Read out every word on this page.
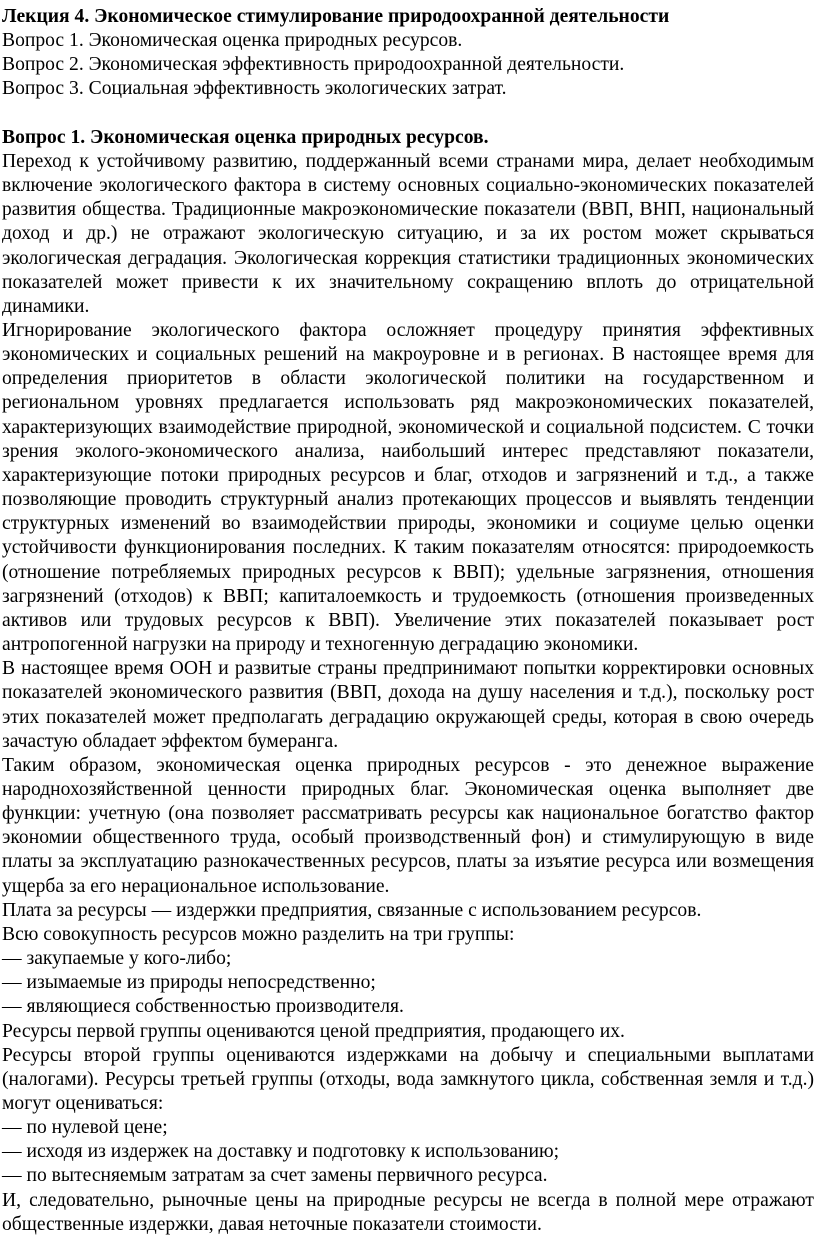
Лекция 4. Экономическое стимулирование природоохранной деятельности

Вопрос 1. Экономическая оценка природных ресурсов.

Вопрос 2. Экономическая эффективность природоохранной деятельности.

Вопрос 3. Социальная эффективность экологических затрат.

Вопрос 1. Экономическая оценка природных ресурсов.

Переход к устойчивому развитию, поддержанный всеми странами мира, делает необходимым включение экологического фактора в систему основных социально-экономических показателей развития общества. Традиционные макроэкономические показатели (ВВП, ВНП, национальный доход и др.) не отражают экологическую ситуацию, и за их ростом может скрываться экологическая деградация. Экологическая коррекция статистики традиционных экономических показателей может привести к их значительному сокращению вплоть до отрицательной динамики.

Игнорирование экологического фактора осложняет процедуру принятия эффективных экономических и социальных решений на макроуровне и в регионах. В настоящее время для определения приоритетов в области экологической политики на государственном и региональном уровнях предлагается использовать ряд макроэкономических показателей, характеризующих взаимодействие природной, экономической и социальной подсистем. С точки зрения эколого-экономического анализа, наибольший интерес представляют показатели, характеризующие потоки природных ресурсов и благ, отходов и загрязнений и т.д., а также позволяющие проводить структурный анализ протекающих процессов и выявлять тенденции структурных изменений во взаимодействии природы, экономики и социуме целью оценки устойчивости функционирования последних. К таким показателям относятся: природоемкость (отношение потребляемых природных ресурсов к ВВП); удельные загрязнения, отношения загрязнений (отходов) к ВВП; капиталоемкость и трудоемкость (отношения произведенных активов или трудовых ресурсов к ВВП). Увеличение этих показателей показывает рост антропогенной нагрузки на природу и техногенную деградацию экономики.

В настоящее время ООН и развитые страны предпринимают попытки корректировки основных показателей экономического развития (ВВП, дохода на душу населения и т.д.), поскольку рост этих показателей может предполагать деградацию окружающей среды, которая в свою очередь зачастую обладает эффектом бумеранга.

Таким образом, экономическая оценка природных ресурсов - это денежное выражение народнохозяйственной ценности природных благ. Экономическая оценка выполняет две функции: учетную (она позволяет рассматривать ресурсы как национальное богатство фактор экономии общественного труда, особый производственный фон) и стимулирующую в виде платы за эксплуатацию разнокачественных ресурсов, платы за изъятие ресурса или возмещения ущерба за его нерациональное использование.

Плата за ресурсы — издержки предприятия, связанные с использованием ресурсов.

Всю совокупность ресурсов можно разделить на три группы:

— закупаемые у кого-либо;

— изымаемые из природы непосредственно;

— являющиеся собственностью производителя.

Ресурсы первой группы оцениваются ценой предприятия, продающего их.

Ресурсы второй группы оцениваются издержками на добычу и специальными выплатами (налогами). Ресурсы третьей группы (отходы, вода замкнутого цикла, собственная земля и т.д.) могут оцениваться:

— по нулевой цене;

— исходя из издержек на доставку и подготовку к использованию;

— по вытесняемым затратам за счет замены первичного ресурса.

И, следовательно, рыночные цены на природные ресурсы не всегда в полной мере отражают общественные издержки, давая неточные показатели стоимости.
